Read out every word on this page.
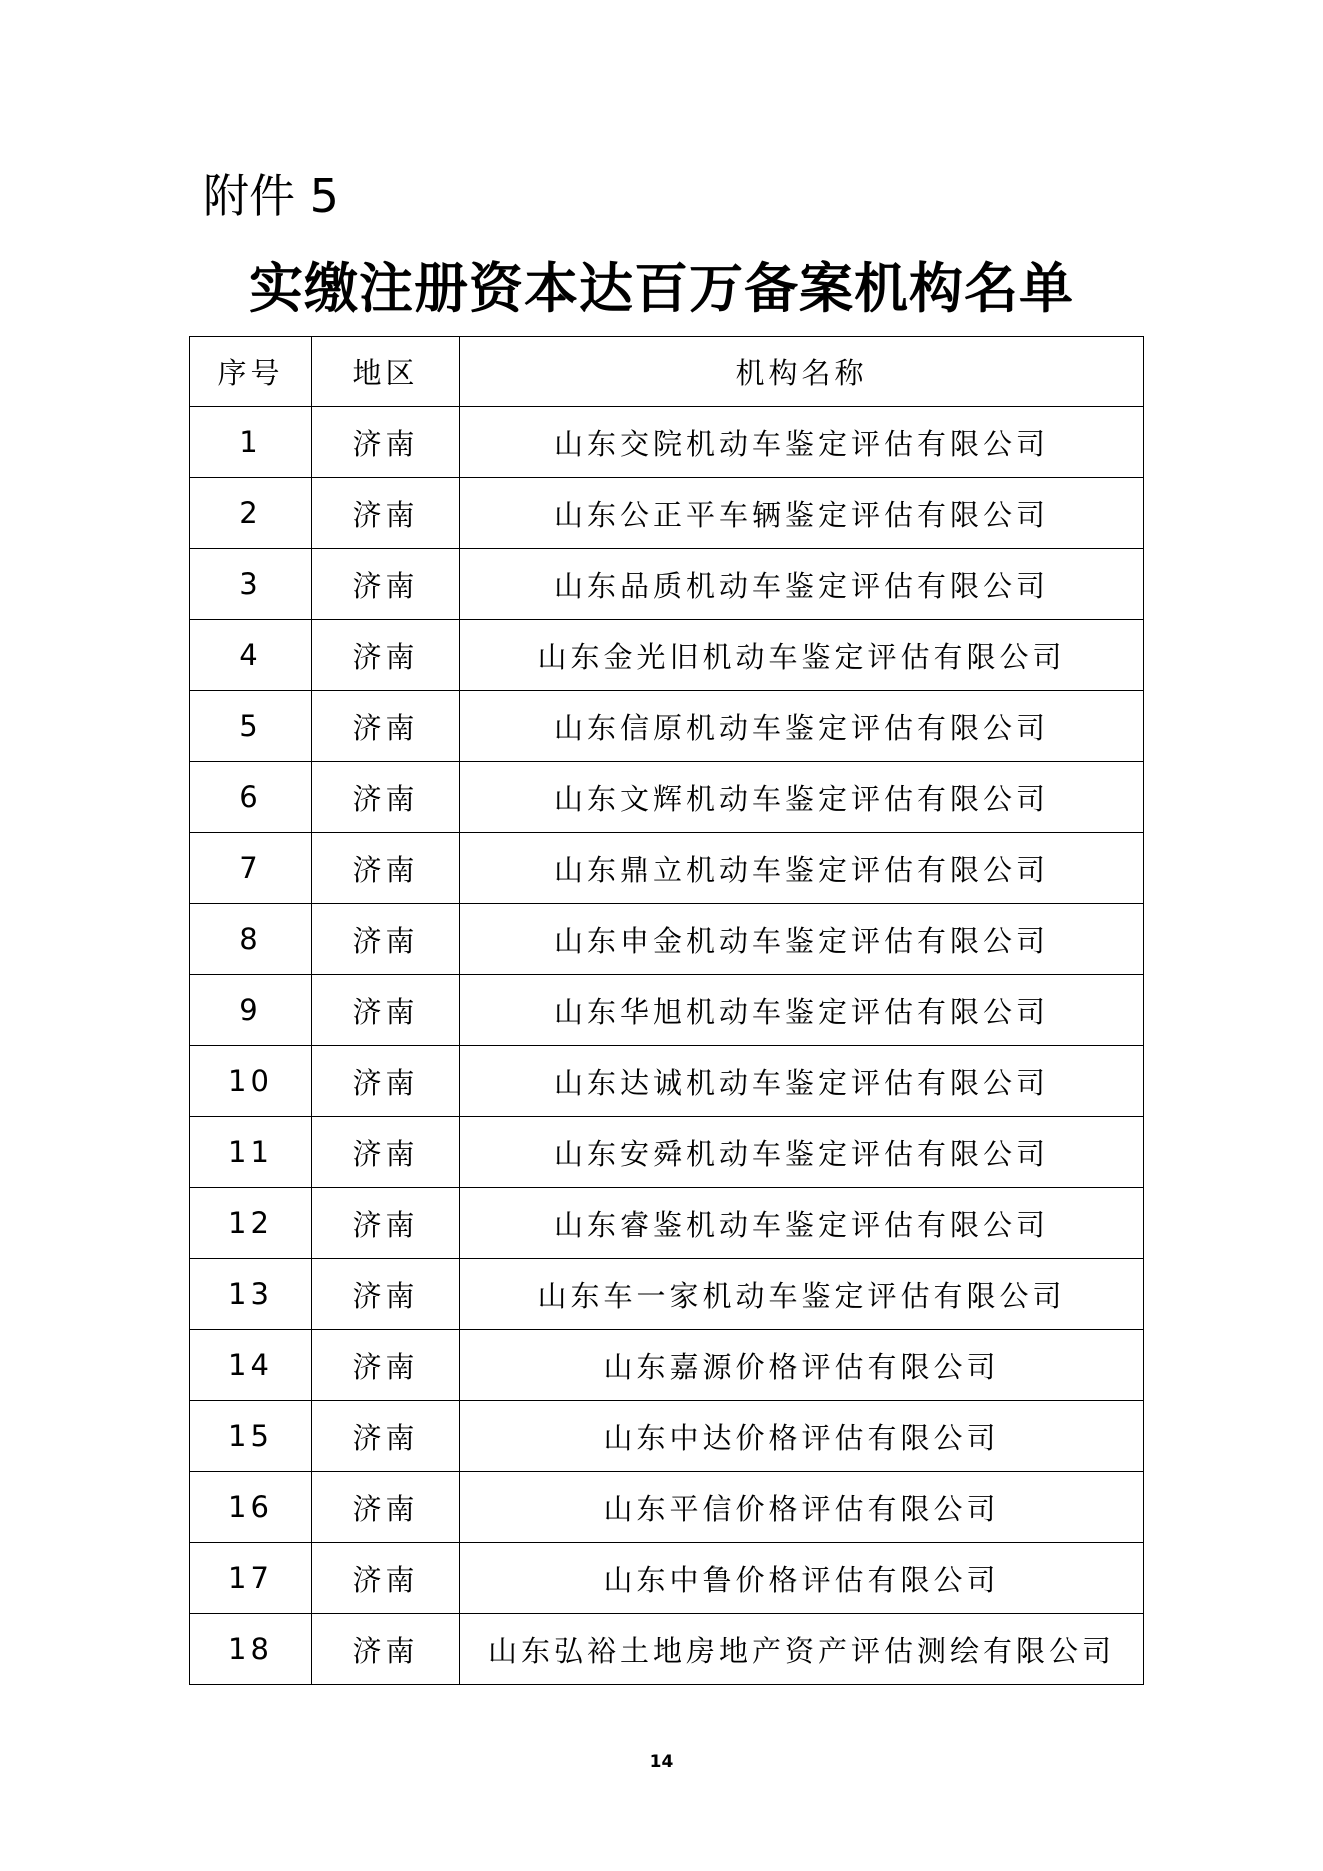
附件 5
实缴注册资本达百万备案机构名单
序号	地区	机构名称
1	济南	山东交院机动车鉴定评估有限公司
2	济南	山东公正平车辆鉴定评估有限公司
3	济南	山东品质机动车鉴定评估有限公司
4	济南	山东金光旧机动车鉴定评估有限公司
5	济南	山东信原机动车鉴定评估有限公司
6	济南	山东文辉机动车鉴定评估有限公司
7	济南	山东鼎立机动车鉴定评估有限公司
8	济南	山东申金机动车鉴定评估有限公司
9	济南	山东华旭机动车鉴定评估有限公司
10	济南	山东达诚机动车鉴定评估有限公司
11	济南	山东安舜机动车鉴定评估有限公司
12	济南	山东睿鉴机动车鉴定评估有限公司
13	济南	山东车一家机动车鉴定评估有限公司
14	济南	山东嘉源价格评估有限公司
15	济南	山东中达价格评估有限公司
16	济南	山东平信价格评估有限公司
17	济南	山东中鲁价格评估有限公司
18	济南	山东弘裕土地房地产资产评估测绘有限公司
14
